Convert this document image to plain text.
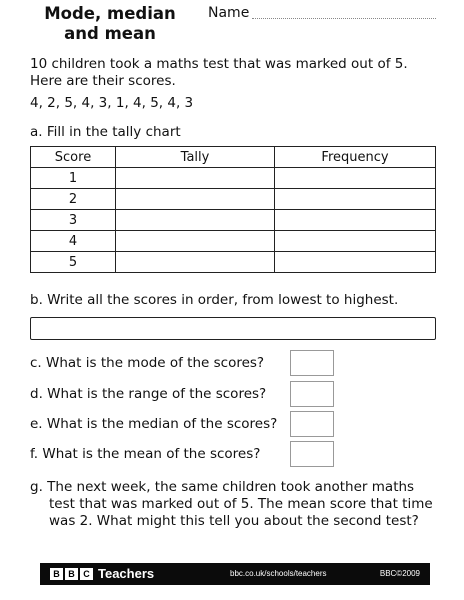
Mode, median
and mean
Name
10 children took a maths test that was marked out of 5.
Here are their scores.
4, 2, 5, 4, 3, 1, 4, 5, 4, 3
a. Fill in the tally chart
Score	Tally	Frequency
1		
2		
3		
4		
5		
b. Write all the scores in order, from lowest to highest.
c. What is the mode of the scores?
d. What is the range of the scores?
e. What is the median of the scores?
f. What is the mean of the scores?
g. The next week, the same children took another maths
test that was marked out of 5. The mean score that time
was 2. What might this tell you about the second test?
B B C Teachers	bbc.co.uk/schools/teachers	BBC©2009
